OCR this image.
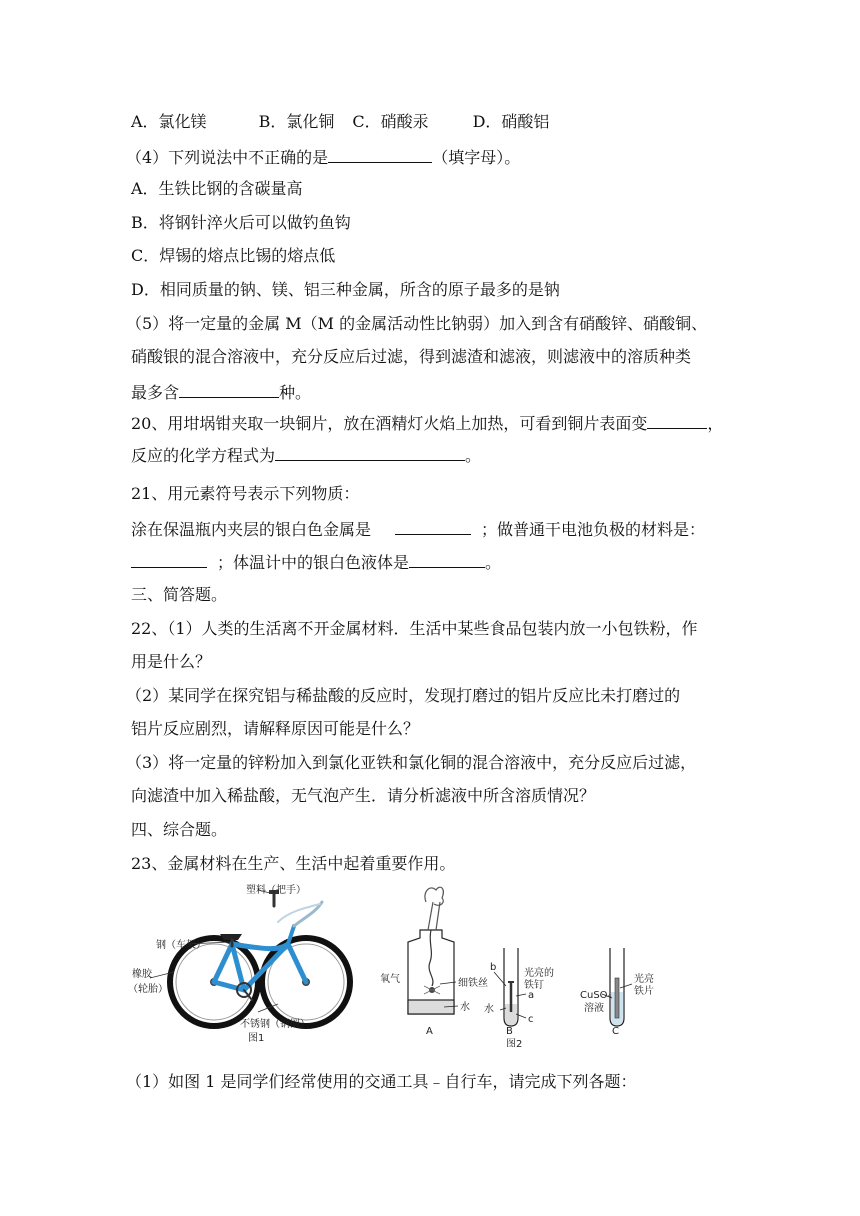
A．氯化镁	B．氯化铜 C．硝酸汞	D．硝酸铝
（4）下列说法中不正确的是	（填字母）。
A．生铁比钢的含碳量高
B．将钢针淬火后可以做钓鱼钩
C．焊锡的熔点比锡的熔点低
D．相同质量的钠、镁、铝三种金属，所含的原子最多的是钠
（5）将一定量的金属 M（M 的金属活动性比钠弱）加入到含有硝酸锌、硝酸铜、
硝酸银的混合溶液中，充分反应后过滤，得到滤渣和滤液，则滤液中的溶质种类
最多含	种。
20、用坩埚钳夹取一块铜片，放在酒精灯火焰上加热，可看到铜片表面变	，
反应的化学方程式为	。
21、用元素符号表示下列物质：
涂在保温瓶内夹层的银白色金属是	；做普通干电池负极的材料是：
；体温计中的银白色液体是	。
三、简答题。
22、（1）人类的生活离不开金属材料．生活中某些食品包装内放一小包铁粉，作
用是什么？
（2）某同学在探究铝与稀盐酸的反应时，发现打磨过的铝片反应比未打磨过的
铝片反应剧烈，请解释原因可能是什么？
（3）将一定量的锌粉加入到氯化亚铁和氯化铜的混合溶液中，充分反应后过滤，
向滤渣中加入稀盐酸，无气泡产生．请分析滤液中所含溶质情况？
四、综合题。
23、金属材料在生产、生活中起着重要作用。
塑料（把手）
钢（车架）
橡胶
（轮胎）
不锈钢（钢圈）
图1
氧气	细铁丝
水
A
b
光亮的
铁钉
a
水
c
B
图2
CuSO₄
溶液
光亮
铁片
C
（1）如图 1 是同学们经常使用的交通工具﹣自行车，请完成下列各题：
